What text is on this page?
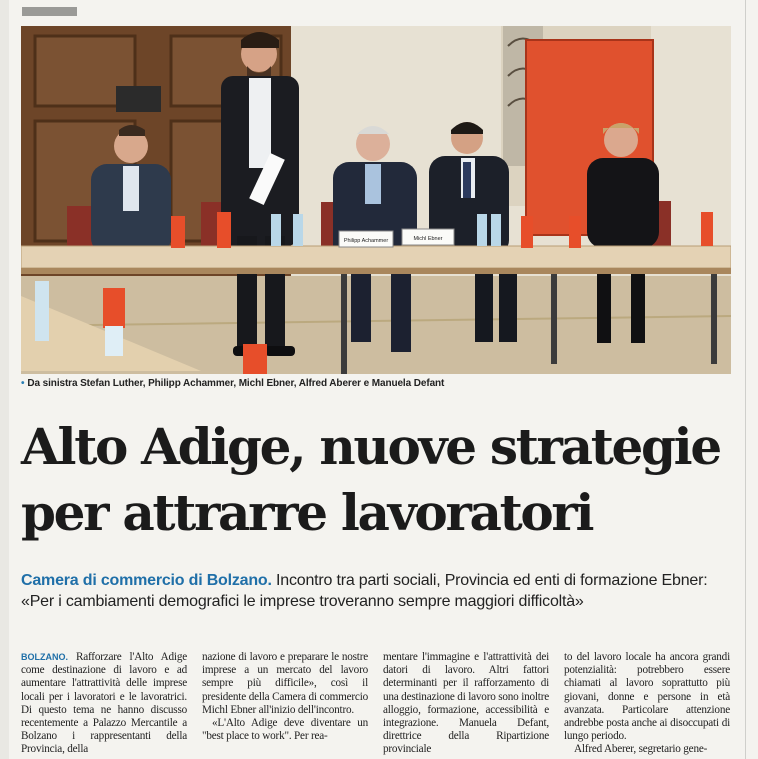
Philipp Achammer	Michl Ebner
• Da sinistra Stefan Luther, Philipp Achammer, Michl Ebner, Alfred Aberer e Manuela Defant
Alto Adige, nuove strategie
per attrarre lavoratori

Camera di commercio di Bolzano. Incontro tra parti sociali, Provincia ed enti di formazione Ebner: «Per i cambiamenti demografici le imprese troveranno sempre maggiori difficoltà»

BOLZANO. Rafforzare l'Alto Adige come destinazione di lavoro e ad aumentare l'attrattività delle imprese locali per i lavoratori e le lavoratrici. Di questo tema ne hanno discusso recentemente a Palazzo Mercantile a Bolzano i rappresentanti della Provincia, della

nazione di lavoro e preparare le nostre imprese a un mercato del lavoro sempre più difficile», così il presidente della Camera di commercio Michl Ebner all'inizio dell'incontro.

«L'Alto Adige deve diventare un "best place to work". Per rea-

mentare l'immagine e l'attrattività dei datori di lavoro. Altri fattori determinanti per il rafforzamento di una destinazione di lavoro sono inoltre alloggio, formazione, accessibilità e integrazione. Manuela Defant, direttrice della Ripartizione provinciale

to del lavoro locale ha ancora grandi potenzialità: potrebbero essere chiamati al lavoro soprattutto più giovani, donne e persone in età avanzata. Particolare attenzione andrebbe posta anche ai disoccupati di lungo periodo.

Alfred Aberer, segretario gene-
